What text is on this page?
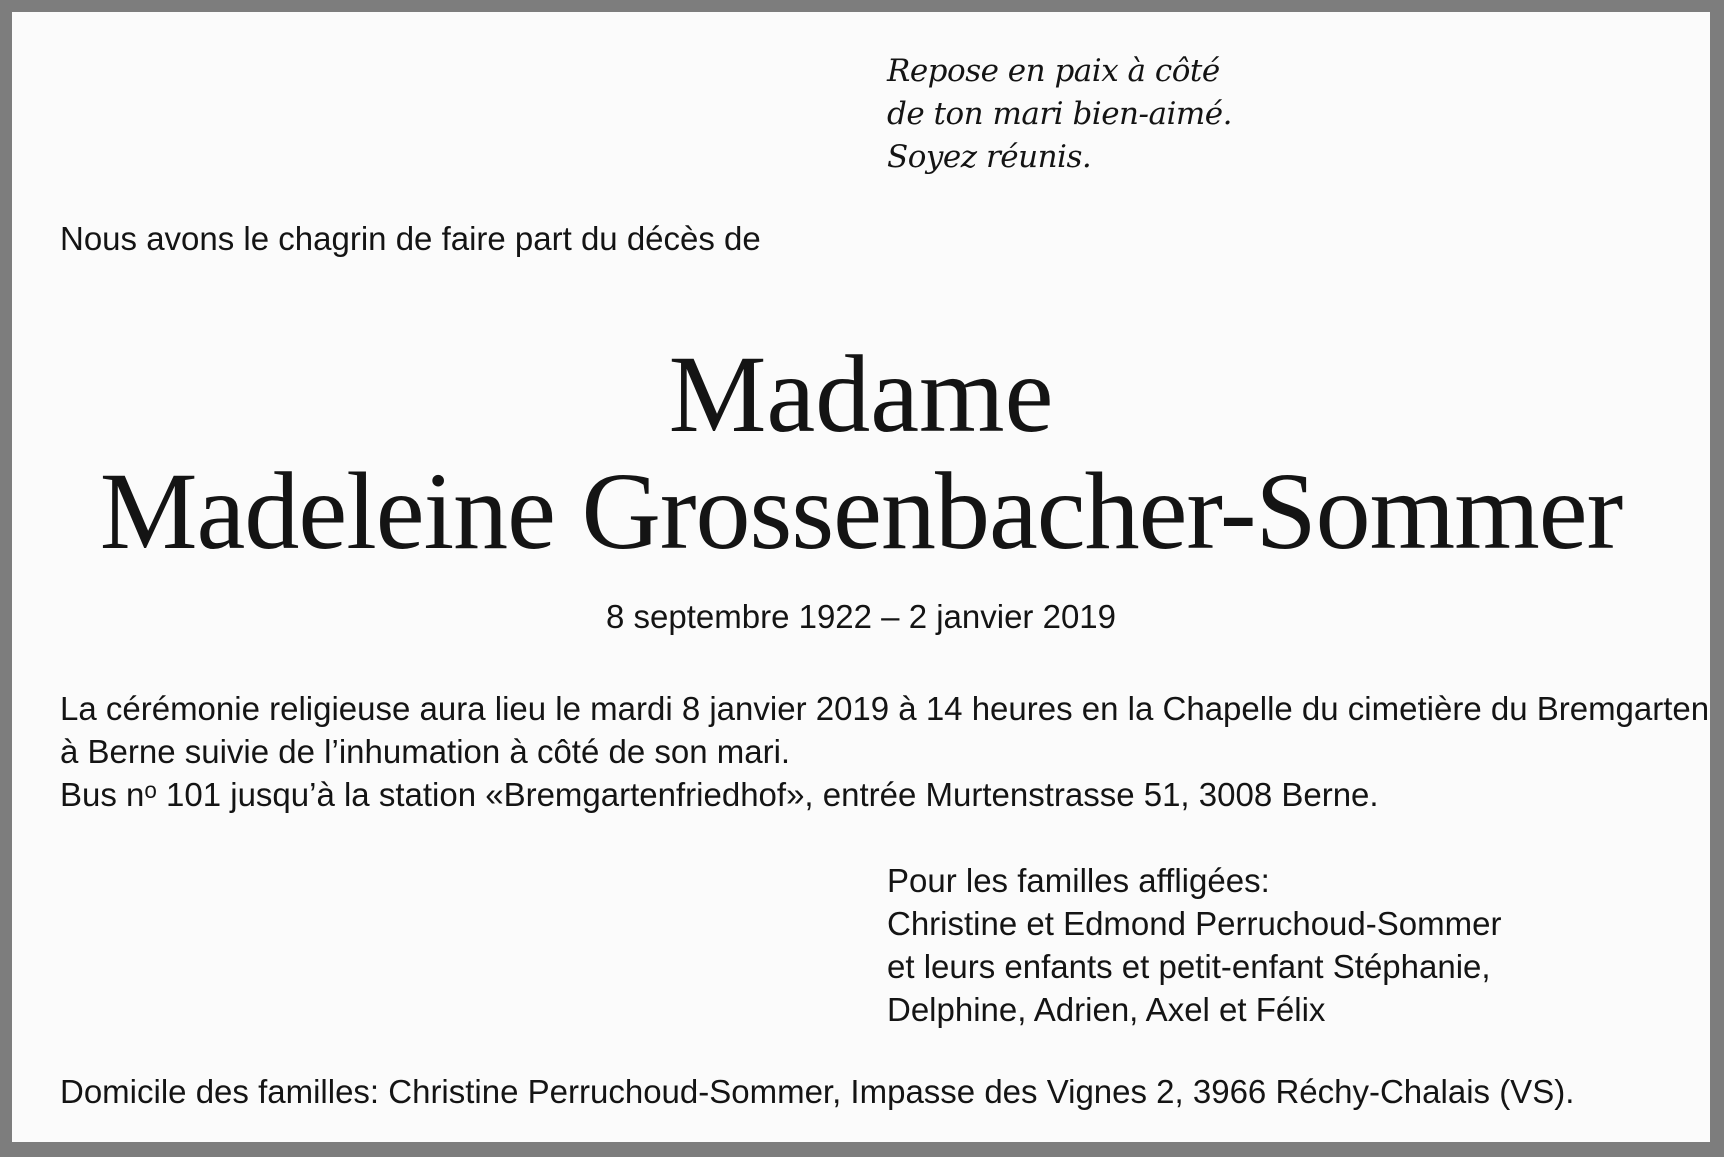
Repose en paix à côté
de ton mari bien-aimé.
Soyez réunis.
Nous avons le chagrin de faire part du décès de
Madame
Madeleine Grossenbacher-Sommer
8 septembre 1922 – 2 janvier 2019
La cérémonie religieuse aura lieu le mardi 8 janvier 2019 à 14 heures en la Chapelle du cimetière du Bremgarten
à Berne suivie de l’inhumation à côté de son mari.
Bus nᵒ 101 jusqu’à la station «Bremgartenfriedhof», entrée Murtenstrasse 51, 3008 Berne.
Pour les familles affligées:
Christine et Edmond Perruchoud-Sommer
et leurs enfants et petit-enfant Stéphanie,
Delphine, Adrien, Axel et Félix
Domicile des familles: Christine Perruchoud-Sommer, Impasse des Vignes 2, 3966 Réchy-Chalais (VS).
